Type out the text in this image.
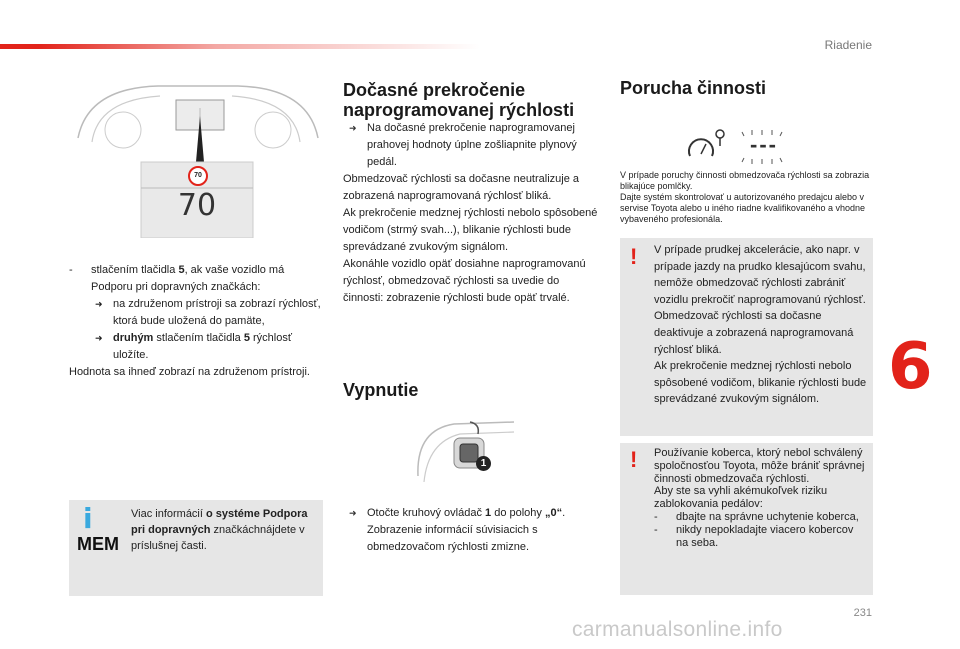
Riadenie
6
231
70
70

- stlačením tlačidla 5, ak vaše vozidlo má Podporu pri dopravných značkách:

➜ na združenom prístroji sa zobrazí rýchlosť, ktorá bude uložená do pamäte,

➜ druhým stlačením tlačidla 5 rýchlosť uložíte.

Hodnota sa ihneď zobrazí na združenom prístroji.

i
MEM
Viac informácií o systéme Podpora pri dopravných značkáchnájdete v príslušnej časti.
Dočasné prekročenie
naprogramovanej rýchlosti

➜ Na dočasné prekročenie naprogramovanej prahovej hodnoty úplne zošliapnite plynový pedál.

Obmedzovač rýchlosti sa dočasne neutralizuje a zobrazená naprogramovaná rýchlosť bliká.

Ak prekročenie medznej rýchlosti nebolo spôsobené vodičom (strmý svah...), blikanie rýchlosti bude sprevádzané zvukovým signálom.

Akonáhle vozidlo opäť dosiahne naprogramovanú rýchlosť, obmedzovač rýchlosti sa uvedie do činnosti: zobrazenie rýchlosti bude opäť trvalé.

Vypnutie
1

➜ Otočte kruhový ovládač 1 do polohy „0“. Zobrazenie informácií súvisiacich s obmedzovačom rýchlosti zmizne.

Porucha činnosti
---
V prípade poruchy činnosti obmedzovača rýchlosti sa zobrazia blikajúce pomlčky.
Dajte systém skontrolovať u autorizovaného predajcu alebo v servise Toyota alebo u iného riadne kvalifikovaného a vhodne vybaveného profesionála.
! V prípade prudkej akcelerácie, ako napr. v prípade jazdy na prudko klesajúcom svahu, nemôže obmedzovač rýchlosti zabrániť vozidlu prekročiť naprogramovanú rýchlosť.

Obmedzovač rýchlosti sa dočasne deaktivuje a zobrazená naprogramovaná rýchlosť bliká.

Ak prekročenie medznej rýchlosti nebolo spôsobené vodičom, blikanie rýchlosti bude sprevádzané zvukovým signálom.

! Používanie koberca, ktorý nebol schválený spoločnosťou Toyota, môže brániť správnej činnosti obmedzovača rýchlosti.

Aby ste sa vyhli akémukoľvek riziku zablokovania pedálov:

- dbajte na správne uchytenie koberca,

- nikdy nepokladajte viacero kobercov na seba.

carmanualsonline.info
